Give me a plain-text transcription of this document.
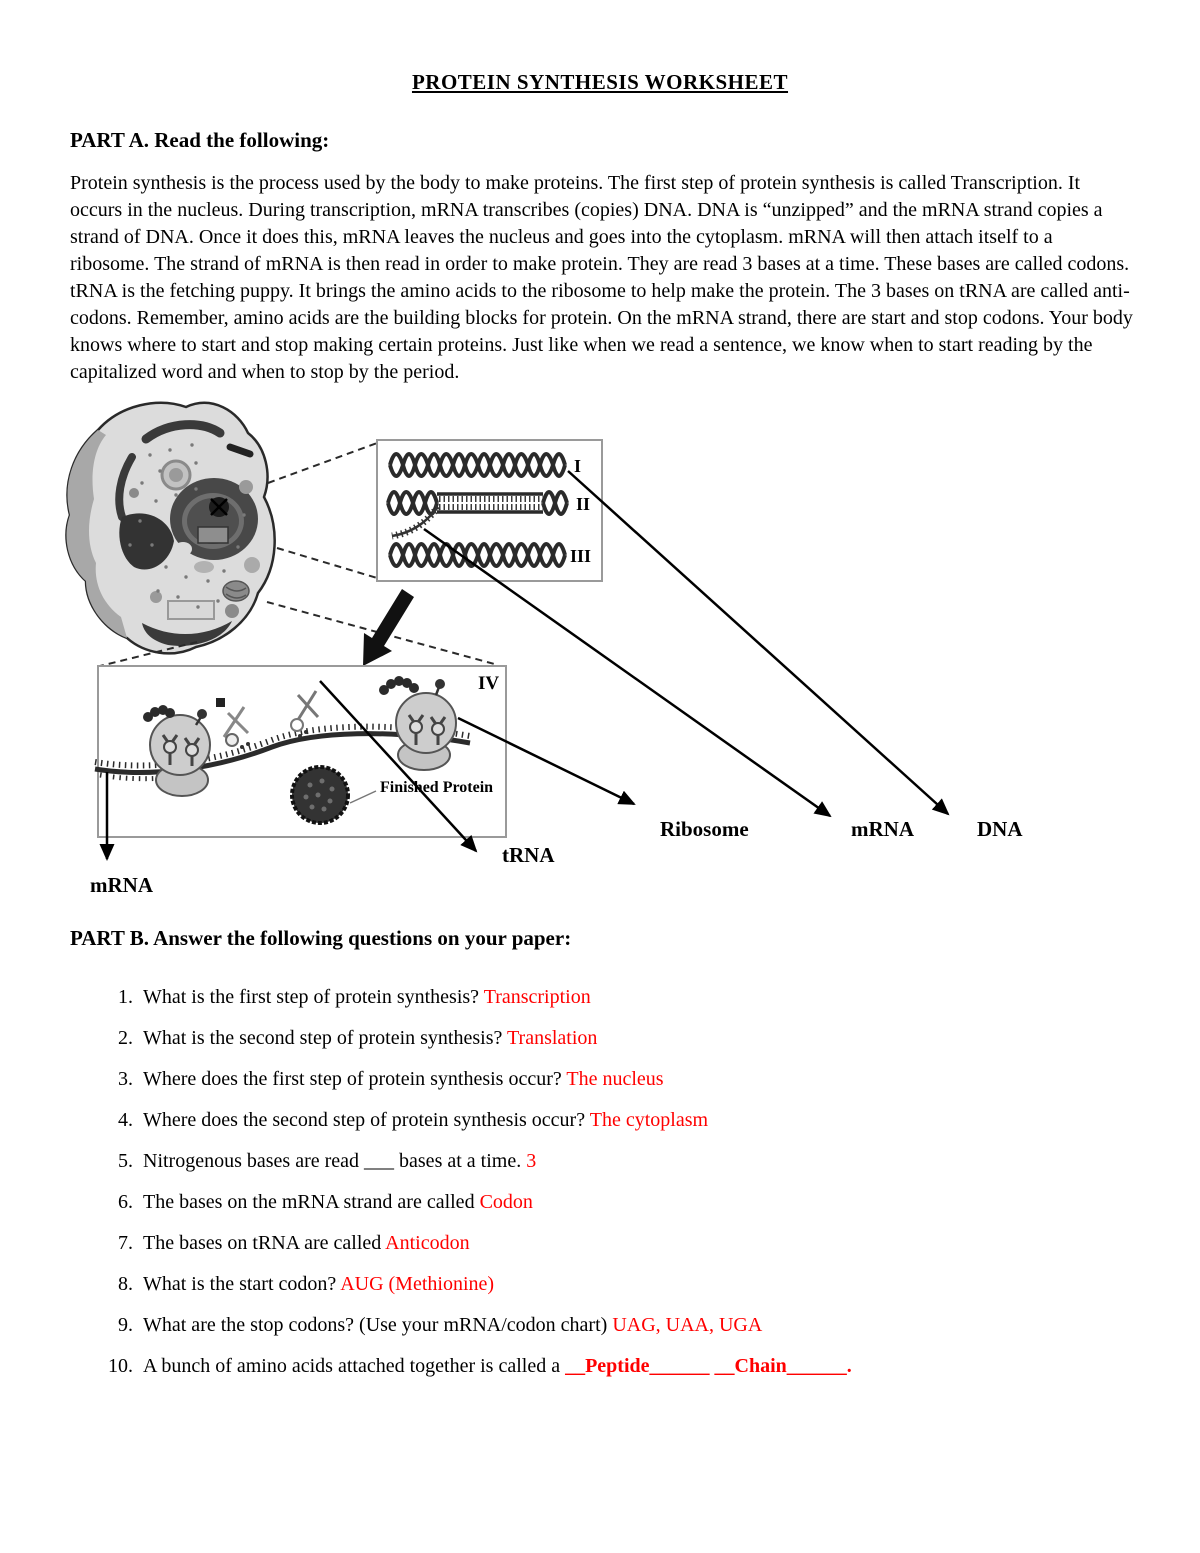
PROTEIN SYNTHESIS WORKSHEET
PART A. Read the following:

Protein synthesis is the process used by the body to make proteins. The first step of protein synthesis is called Transcription. It occurs in the nucleus. During transcription, mRNA transcribes (copies) DNA. DNA is “unzipped” and the mRNA strand copies a strand of DNA. Once it does this, mRNA leaves the nucleus and goes into the cytoplasm. mRNA will then attach itself to a ribosome. The strand of mRNA is then read in order to make protein. They are read 3 bases at a time. These bases are called codons. tRNA is the fetching puppy. It brings the amino acids to the ribosome to help make the protein. The 3 bases on tRNA are called anti-codons. Remember, amino acids are the building blocks for protein. On the mRNA strand, there are start and stop codons. Your body knows where to start and stop making certain proteins. Just like when we read a sentence, we know when to start reading by the capitalized word and when to stop by the period.

I
II
III
IV
Finished Protein
Ribosome	mRNA	DNA
tRNA
mRNA
PART B. Answer the following questions on your paper:
1. What is the first step of protein synthesis? Transcription
2. What is the second step of protein synthesis? Translation
3. Where does the first step of protein synthesis occur? The nucleus
4. Where does the second step of protein synthesis occur? The cytoplasm
5. Nitrogenous bases are read ___ bases at a time. 3
6. The bases on the mRNA strand are called Codon
7. The bases on tRNA are called Anticodon
8. What is the start codon? AUG (Methionine)
9. What are the stop codons? (Use your mRNA/codon chart) UAG, UAA, UGA
10. A bunch of amino acids attached together is called a __Peptide______ __Chain______.
